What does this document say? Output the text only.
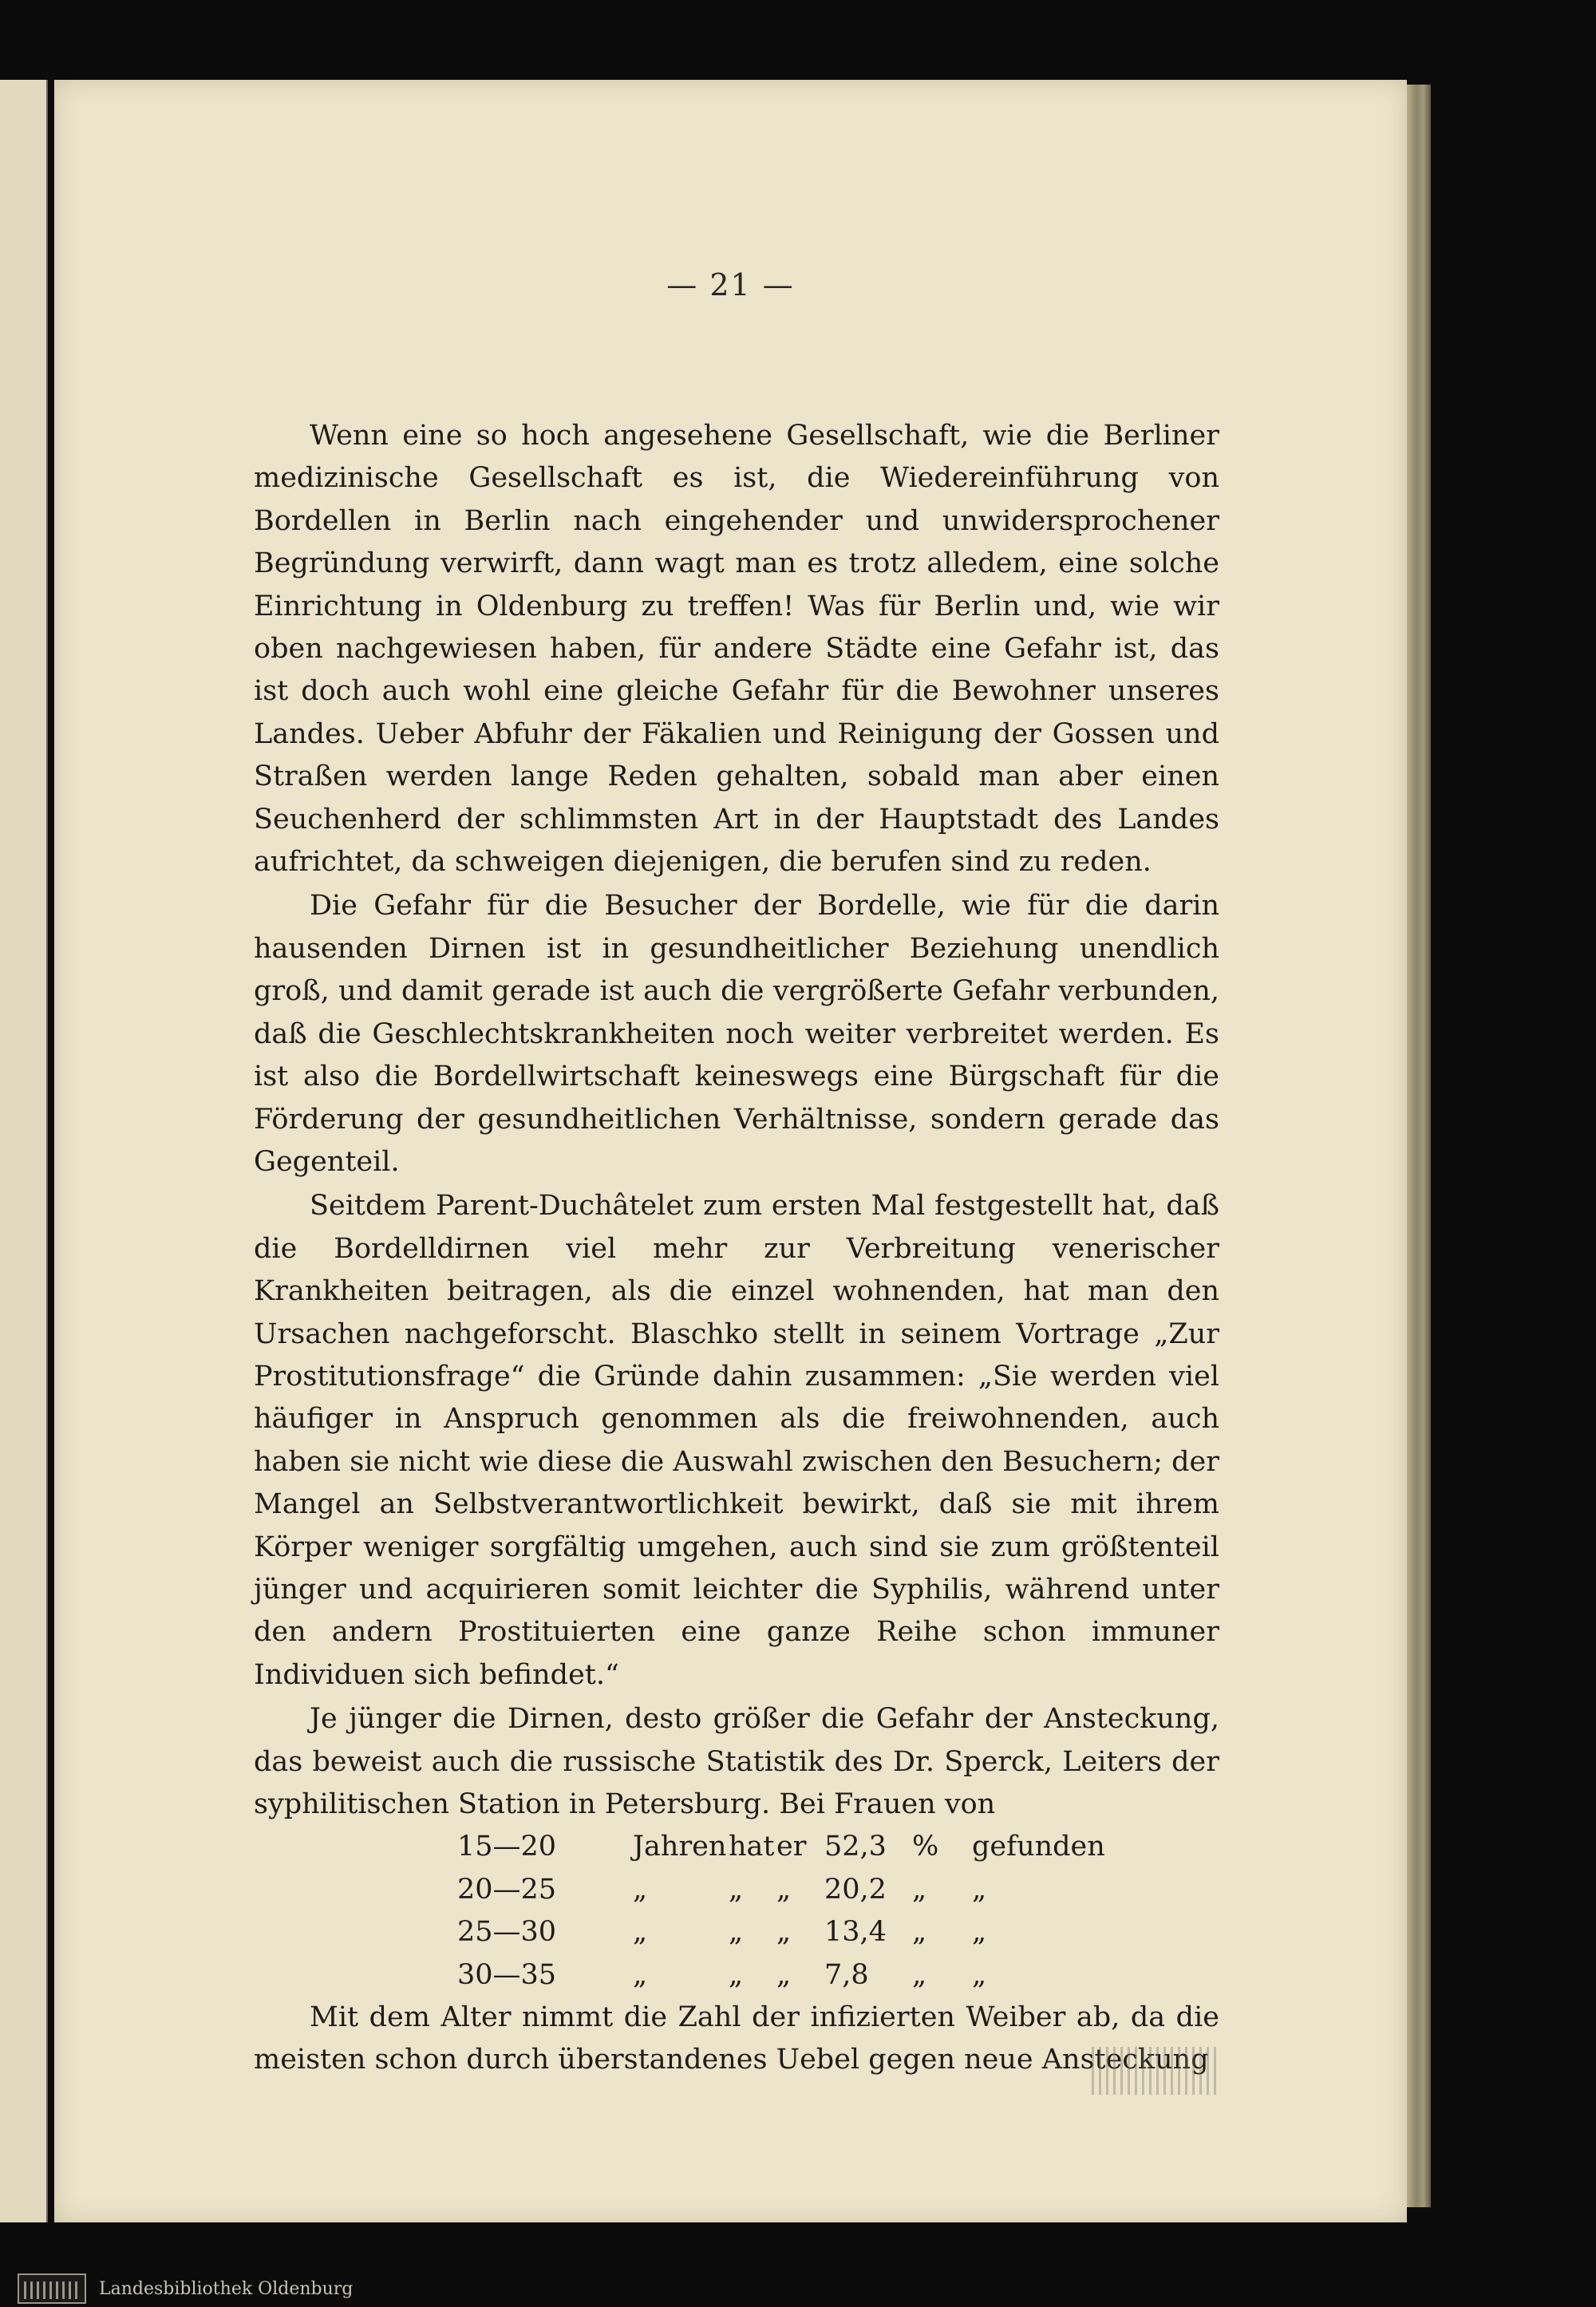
— 21 —

Wenn eine so hoch angesehene Gesellschaft, wie die Berliner medizinische Gesellschaft es ist, die Wiedereinführung von Bordellen in Berlin nach eingehender und unwidersprochener Begründung verwirft, dann wagt man es trotz alledem, eine solche Einrichtung in Oldenburg zu treffen! Was für Berlin und, wie wir oben nachgewiesen haben, für andere Städte eine Gefahr ist, das ist doch auch wohl eine gleiche Gefahr für die Bewohner unseres Landes. Ueber Abfuhr der Fäkalien und Reinigung der Gossen und Straßen werden lange Reden gehalten, sobald man aber einen Seuchenherd der schlimmsten Art in der Hauptstadt des Landes aufrichtet, da schweigen diejenigen, die berufen sind zu reden.

Die Gefahr für die Besucher der Bordelle, wie für die darin hausenden Dirnen ist in gesundheitlicher Beziehung unendlich groß, und damit gerade ist auch die vergrößerte Gefahr verbunden, daß die Geschlechtskrankheiten noch weiter verbreitet werden. Es ist also die Bordellwirtschaft keineswegs eine Bürgschaft für die Förderung der gesundheitlichen Verhältnisse, sondern gerade das Gegenteil.

Seitdem Parent-Duchâtelet zum ersten Mal festgestellt hat, daß die Bordelldirnen viel mehr zur Verbreitung venerischer Krankheiten beitragen, als die einzel wohnenden, hat man den Ursachen nachgeforscht. Blaschko stellt in seinem Vortrage „Zur Prostitutionsfrage“ die Gründe dahin zusammen: „Sie werden viel häufiger in Anspruch genommen als die freiwohnenden, auch haben sie nicht wie diese die Auswahl zwischen den Besuchern; der Mangel an Selbstverantwortlichkeit bewirkt, daß sie mit ihrem Körper weniger sorgfältig umgehen, auch sind sie zum größtenteil jünger und acquirieren somit leichter die Syphilis, während unter den andern Prostituierten eine ganze Reihe schon immuner Individuen sich befindet.“

Je jünger die Dirnen, desto größer die Gefahr der Ansteckung, das beweist auch die russische Statistik des Dr. Sperck, Leiters der syphilitischen Station in Petersburg. Bei Frauen von

15—20	Jahren hat er 52,3 %	gefunden
20—25	„	„	„	20,2 „	„
25—30	„	„	„	13,4 „	„
30—35	„	„	„	7,8	„	„

Mit dem Alter nimmt die Zahl der infizierten Weiber ab, da die meisten schon durch überstandenes Uebel gegen neue Ansteckung

Landesbibliothek Oldenburg
